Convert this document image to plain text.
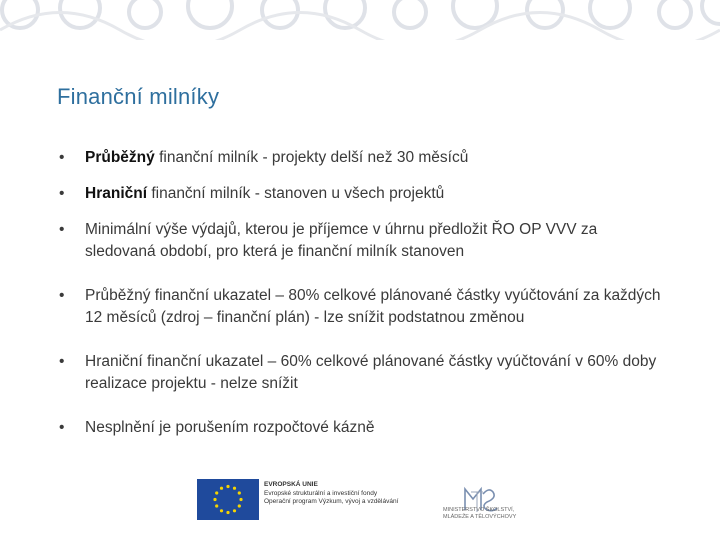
Finanční milníky
• Průběžný finanční milník - projekty delší než 30 měsíců
• Hraniční finanční milník - stanoven u všech projektů
• Minimální výše výdajů, kterou je příjemce v úhrnu předložit ŘO OP VVV za sledovaná období, pro která je finanční milník stanoven
• Průběžný finanční ukazatel – 80% celkové plánované částky vyúčtování za každých 12 měsíců (zdroj – finanční plán) - lze snížit podstatnou změnou
• Hraniční finanční ukazatel – 60% celkové plánované částky vyúčtování v 60% doby realizace projektu - nelze snížit
• Nesplnění je porušením rozpočtové kázně
EVROPSKÁ UNIE
Evropské strukturální a investiční fondy
Operační program Výzkum, vývoj a vzdělávání
MINISTERSTVO ŠKOLSTVÍ, MLÁDEŽE A TĚLOVÝCHOVY
